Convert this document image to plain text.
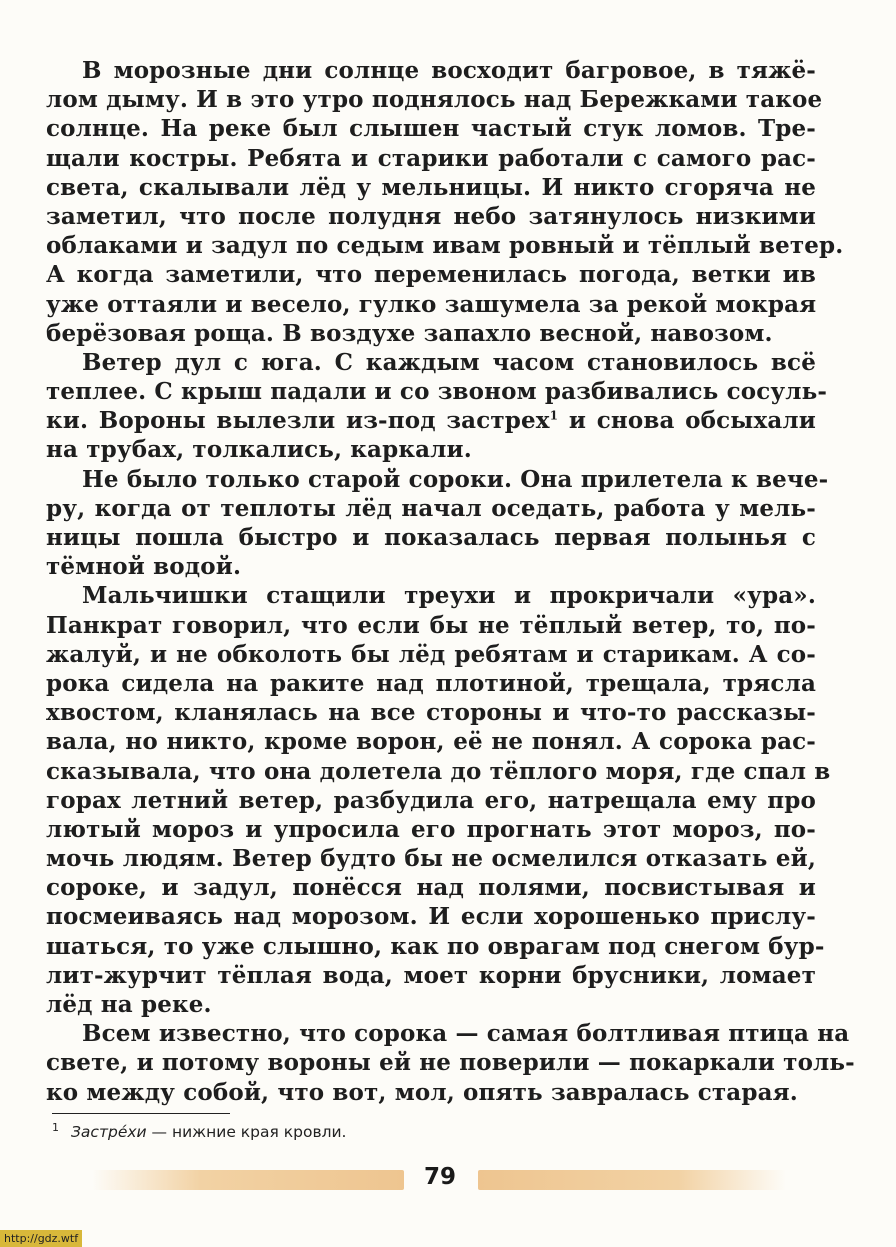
В морозные дни солнце восходит багровое, в тяжё-
лом дыму. И в это утро поднялось над Бережками такое
солнце. На реке был слышен частый стук ломов. Тре-
щали костры. Ребята и старики работали с самого рас-
света, скалывали лёд у мельницы. И никто сгоряча не
заметил, что после полудня небо затянулось низкими
облаками и задул по седым ивам ровный и тёплый ветер.
А когда заметили, что переменилась погода, ветки ив
уже оттаяли и весело, гулко зашумела за рекой мокрая
берёзовая роща. В воздухе запахло весной, навозом.
Ветер дул с юга. С каждым часом становилось всё
теплее. С крыш падали и со звоном разбивались сосуль-
ки. Вороны вылезли из-под застрех$^1$ и снова обсыхали
на трубах, толкались, каркали.
Не было только старой сороки. Она прилетела к вече-
ру, когда от теплоты лёд начал оседать, работа у мель-
ницы пошла быстро и показалась первая полынья с
тёмной водой.
Мальчишки стащили треухи и прокричали «ура».
Панкрат говорил, что если бы не тёплый ветер, то, по-
жалуй, и не обколоть бы лёд ребятам и старикам. А со-
рока сидела на раките над плотиной, трещала, трясла
хвостом, кланялась на все стороны и что-то рассказы-
вала, но никто, кроме ворон, её не понял. А сорока рас-
сказывала, что она долетела до тёплого моря, где спал в
горах летний ветер, разбудила его, натрещала ему про
лютый мороз и упросила его прогнать этот мороз, по-
мочь людям. Ветер будто бы не осмелился отказать ей,
сороке, и задул, понёсся над полями, посвистывая и
посмеиваясь над морозом. И если хорошенько прислу-
шаться, то уже слышно, как по оврагам под снегом бур-
лит-журчит тёплая вода, моет корни брусники, ломает
лёд на реке.
Всем известно, что сорока — самая болтливая птица на
свете, и потому вороны ей не поверили — покаркали толь-
ко между собой, что вот, мол, опять завралась старая.
$^1$ Застре́хи — нижние края кровли.
79
http://gdz.wtf
